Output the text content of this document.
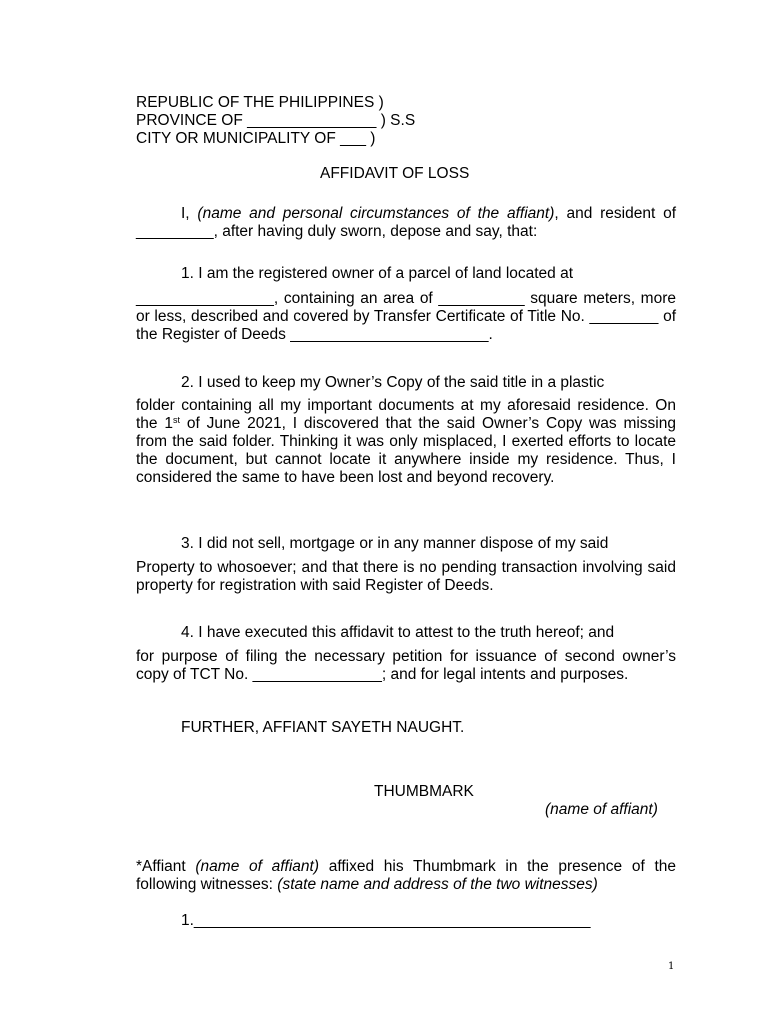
REPUBLIC OF THE PHILIPPINES )
PROVINCE OF _______________ ) S.S
CITY OR MUNICIPALITY OF ___ )
AFFIDAVIT OF LOSS
I, (name and personal circumstances of the affiant), and resident of _________, after having duly sworn, depose and say, that:
1. I am the registered owner of a parcel of land located at
________________, containing an area of __________ square meters, more or less, described and covered by Transfer Certificate of Title No. ________ of the Register of Deeds _______________________.
2. I used to keep my Owner’s Copy of the said title in a plastic
folder containing all my important documents at my aforesaid residence. On the 1st of June 2021, I discovered that the said Owner’s Copy was missing from the said folder. Thinking it was only misplaced, I exerted efforts to locate the document, but cannot locate it anywhere inside my residence. Thus, I considered the same to have been lost and beyond recovery.
3. I did not sell, mortgage or in any manner dispose of my said
Property to whosoever; and that there is no pending transaction involving said property for registration with said Register of Deeds.
4. I have executed this affidavit to attest to the truth hereof; and
for purpose of filing the necessary petition for issuance of second owner’s copy of TCT No. _______________; and for legal intents and purposes.
FURTHER, AFFIANT SAYETH NAUGHT.
THUMBMARK
(name of affiant)
*Affiant (name of affiant) affixed his Thumbmark in the presence of the following witnesses: (state name and address of the two witnesses)
1.______________________________________________
1
